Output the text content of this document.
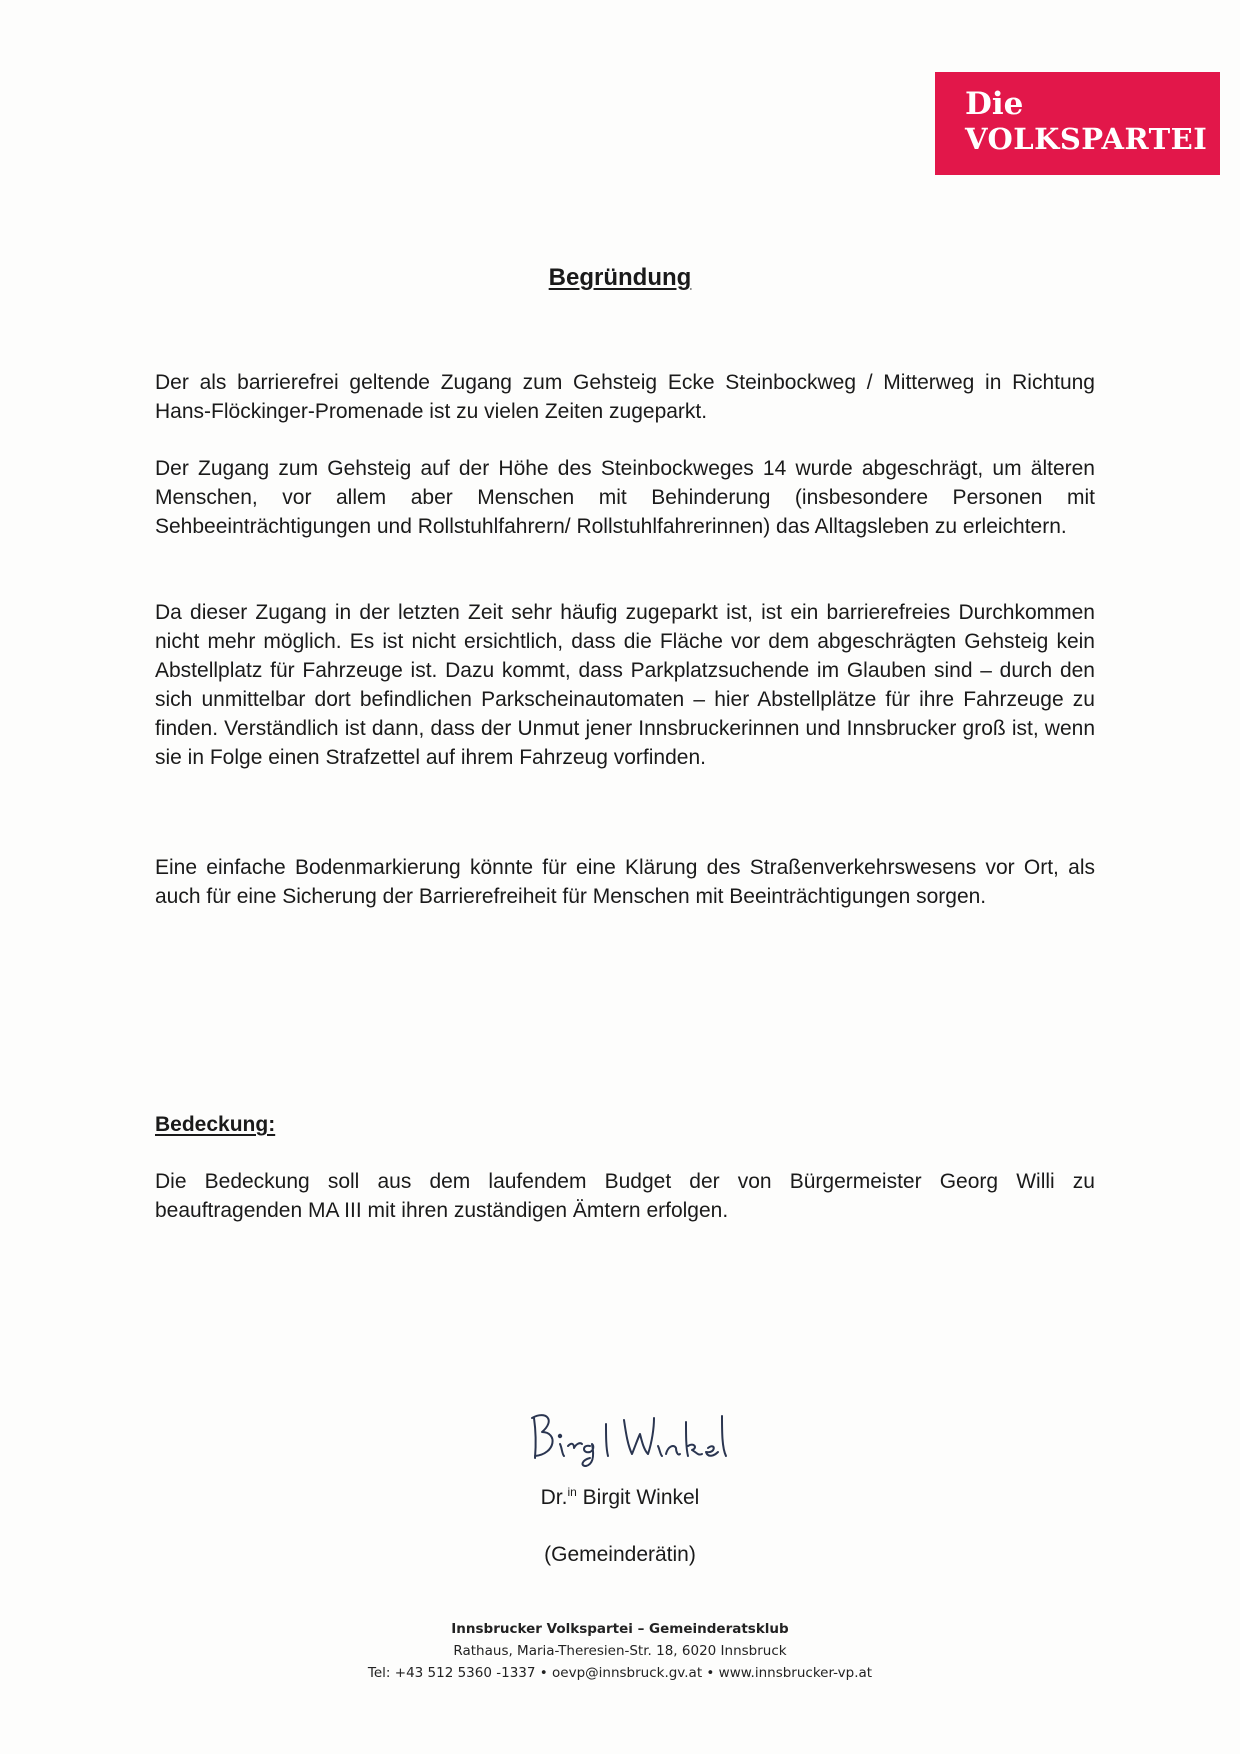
Die
VOLKSPARTEI
Begründung

Der als barrierefrei geltende Zugang zum Gehsteig Ecke Steinbockweg / Mitterweg in Richtung Hans-Flöckinger-Promenade ist zu vielen Zeiten zugeparkt.

Der Zugang zum Gehsteig auf der Höhe des Steinbockweges 14 wurde abgeschrägt, um älteren Menschen, vor allem aber Menschen mit Behinderung (insbesondere Personen mit Sehbeeinträchtigungen und Rollstuhlfahrern/ Rollstuhlfahrerinnen) das Alltagsleben zu erleichtern.

Da dieser Zugang in der letzten Zeit sehr häufig zugeparkt ist, ist ein barrierefreies Durchkommen nicht mehr möglich. Es ist nicht ersichtlich, dass die Fläche vor dem abgeschrägten Gehsteig kein Abstellplatz für Fahrzeuge ist. Dazu kommt, dass Parkplatzsuchende im Glauben sind – durch den sich unmittelbar dort befindlichen Parkscheinautomaten – hier Abstellplätze für ihre Fahrzeuge zu finden. Verständlich ist dann, dass der Unmut jener Innsbruckerinnen und Innsbrucker groß ist, wenn sie in Folge einen Strafzettel auf ihrem Fahrzeug vorfinden.

Eine einfache Bodenmarkierung könnte für eine Klärung des Straßenverkehrswesens vor Ort, als auch für eine Sicherung der Barrierefreiheit für Menschen mit Beeinträchtigungen sorgen.

Bedeckung:

Die Bedeckung soll aus dem laufendem Budget der von Bürgermeister Georg Willi zu beauftragenden MA III mit ihren zuständigen Ämtern erfolgen.

Dr.$^{in}$ Birgit Winkel
(Gemeinderätin)
Innsbrucker Volkspartei – Gemeinderatsklub
Rathaus, Maria-Theresien-Str. 18, 6020 Innsbruck
Tel: +43 512 5360 -1337 • oevp@innsbruck.gv.at • www.innsbrucker-vp.at
